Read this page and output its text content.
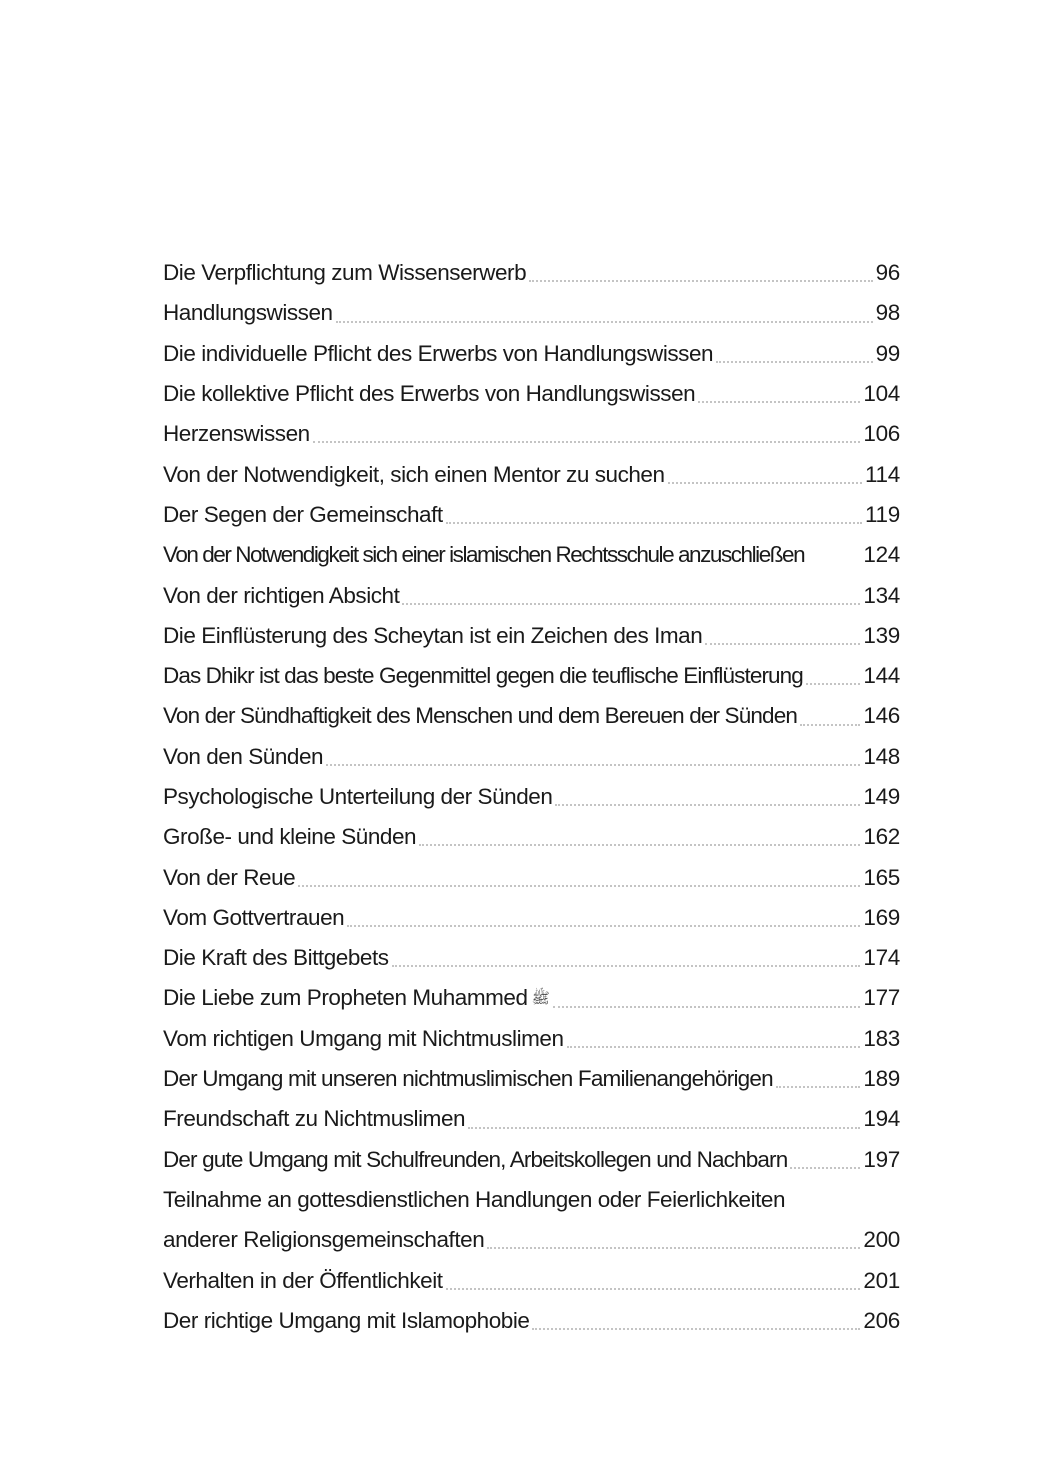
Die Verpflichtung zum Wissenserwerb	96
Handlungswissen	98
Die individuelle Pflicht des Erwerbs von Handlungswissen	99
Die kollektive Pflicht des Erwerbs von Handlungswissen	104
Herzenswissen	106
Von der Notwendigkeit, sich einen Mentor zu suchen	114
Der Segen der Gemeinschaft	119
Von der Notwendigkeit sich einer islamischen Rechtsschule anzuschließen	124
Von der richtigen Absicht	134
Die Einflüsterung des Scheytan ist ein Zeichen des Iman	139
Das Dhikr ist das beste Gegenmittel gegen die teuflische Einflüsterung	144
Von der Sündhaftigkeit des Menschen und dem Bereuen der Sünden	146
Von den Sünden	148
Psychologische Unterteilung der Sünden	149
Große- und kleine Sünden	162
Von der Reue	165
Vom Gottvertrauen	169
Die Kraft des Bittgebets	174
Die Liebe zum Propheten Muhammed ﷺ	177
Vom richtigen Umgang mit Nichtmuslimen	183
Der Umgang mit unseren nichtmuslimischen Familienangehörigen	189
Freundschaft zu Nichtmuslimen	194
Der gute Umgang mit Schulfreunden, Arbeitskollegen und Nachbarn	197
Teilnahme an gottesdienstlichen Handlungen oder Feierlichkeiten
anderer Religionsgemeinschaften	200
Verhalten in der Öffentlichkeit	201
Der richtige Umgang mit Islamophobie	206
